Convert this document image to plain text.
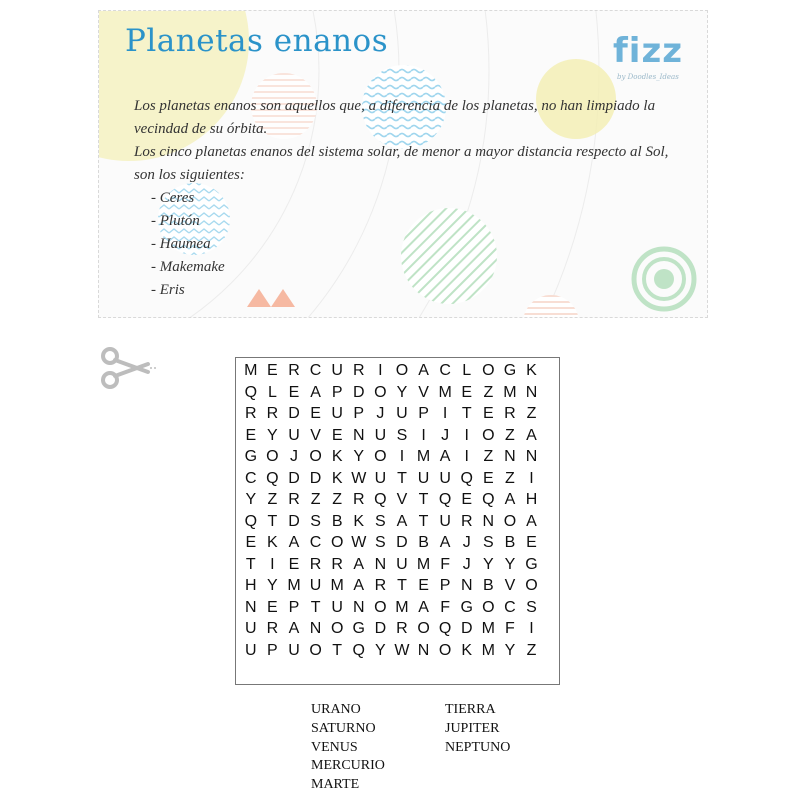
Planetas enanos	fizz
by Doodles_Ideas

Los planetas enanos son aquellos que, a diferencia de los planetas, no han limpiado la vecindad de su órbita.

Los cinco planetas enanos del sistema solar, de menor a mayor distancia respecto al Sol, son los siguientes:

- Ceres
- Plutón
- Haumea
- Makemake
- Eris
M E R C U R I O A C L O G K
Q L E A P D O Y V M E Z M N
R R D E U P J U P I T E R Z
E Y U V E N U S I J I O Z A
G O J O K Y O I M A I Z N N
C Q D D K W U T U U Q E Z I
Y Z R Z Z R Q V T Q E Q A H
Q T D S B K S A T U R N O A
E K A C O W S D B A J S B E
T I E R R A N U M F J Y Y G
H Y M U M A R T E P N B V O
N E P T U N O M A F G O C S
U R A N O G D R O Q D M F I
U P U O T Q Y W N O K M Y Z
URANO
SATURNO
VENUS
MERCURIO
MARTE
TIERRA
JUPITER
NEPTUNO
